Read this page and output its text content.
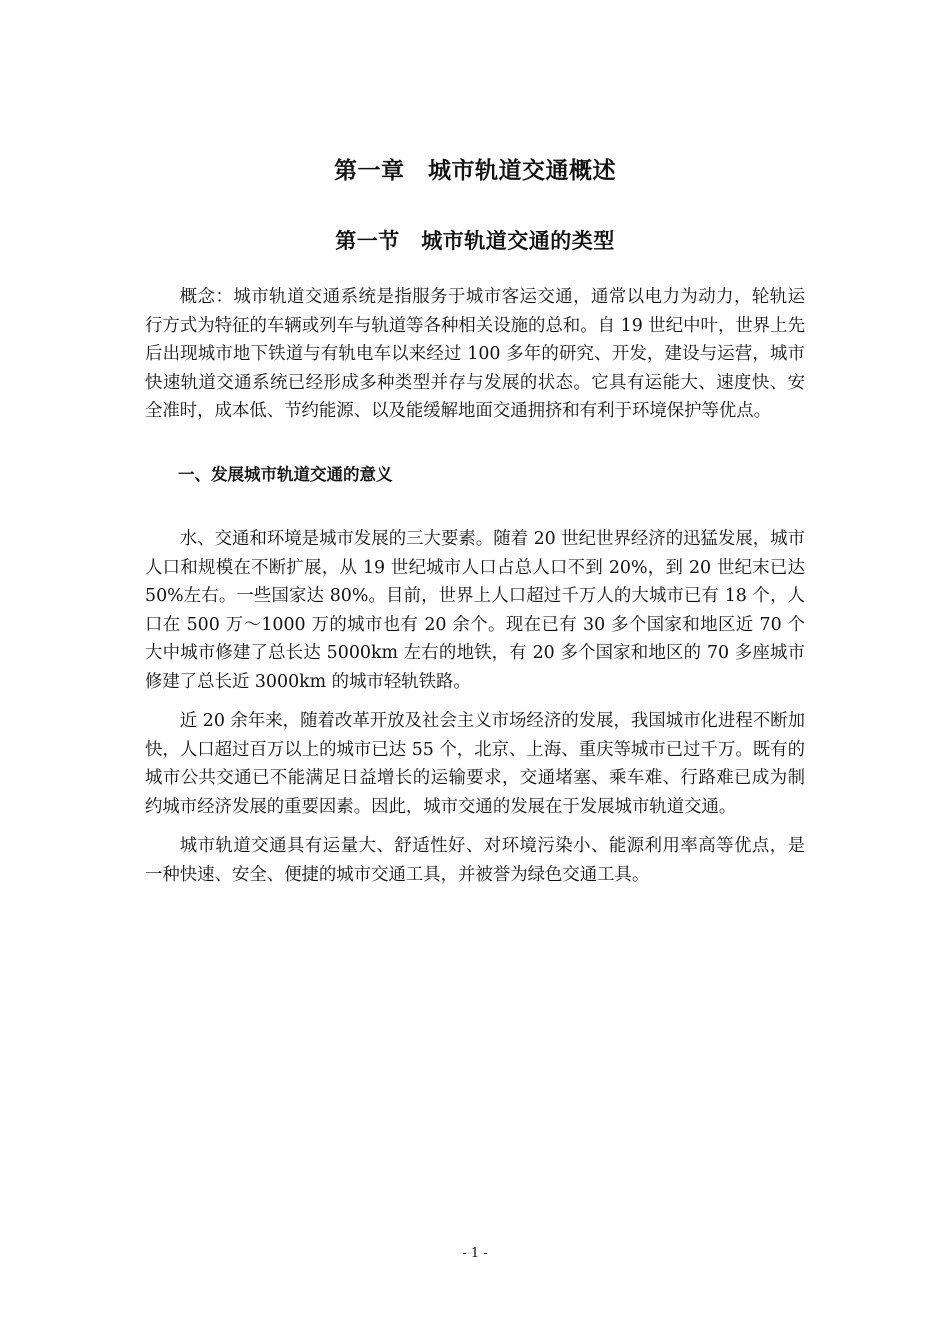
第一章　城市轨道交通概述
第一节　城市轨道交通的类型

概念：城市轨道交通系统是指服务于城市客运交通，通常以电力为动力，轮轨运行方式为特征的车辆或列车与轨道等各种相关设施的总和。自 19 世纪中叶，世界上先后出现城市地下铁道与有轨电车以来经过 100 多年的研究、开发，建设与运营，城市快速轨道交通系统已经形成多种类型并存与发展的状态。它具有运能大、速度快、安全准时，成本低、节约能源、以及能缓解地面交通拥挤和有利于环境保护等优点。

一、发展城市轨道交通的意义

水、交通和环境是城市发展的三大要素。随着 20 世纪世界经济的迅猛发展，城市人口和规模在不断扩展，从 19 世纪城市人口占总人口不到 20%，到 20 世纪末已达 50%左右。一些国家达 80%。目前，世界上人口超过千万人的大城市已有 18 个，人口在 500 万～1000 万的城市也有 20 余个。现在已有 30 多个国家和地区近 70 个大中城市修建了总长达 5000km 左右的地铁，有 20 多个国家和地区的 70 多座城市修建了总长近 3000km 的城市轻轨铁路。

近 20 余年来，随着改革开放及社会主义市场经济的发展，我国城市化进程不断加快，人口超过百万以上的城市已达 55 个，北京、上海、重庆等城市已过千万。既有的城市公共交通已不能满足日益增长的运输要求，交通堵塞、乘车难、行路难已成为制约城市经济发展的重要因素。因此，城市交通的发展在于发展城市轨道交通。

城市轨道交通具有运量大、舒适性好、对环境污染小、能源利用率高等优点，是一种快速、安全、便捷的城市交通工具，并被誉为绿色交通工具。

- 1 -
